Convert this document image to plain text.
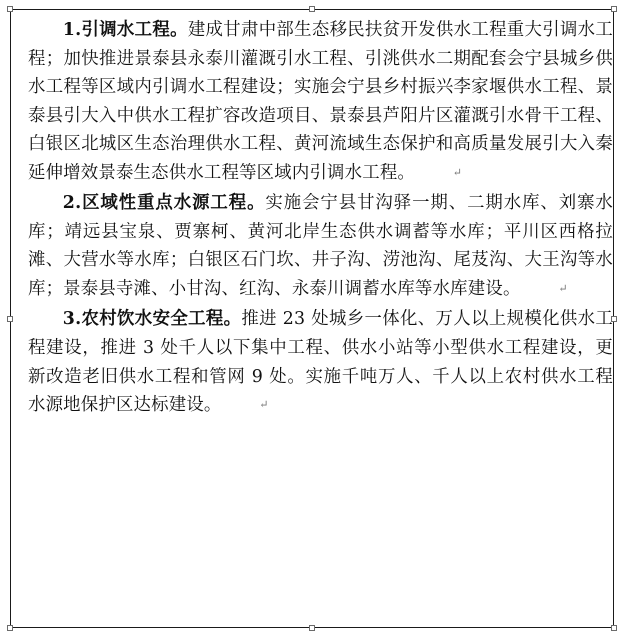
1.引调水工程。建成甘肃中部生态移民扶贫开发供水工程重大引调水工程；加快推进景泰县永泰川灌溉引水工程、引洮供水二期配套会宁县城乡供水工程等区域内引调水工程建设；实施会宁县乡村振兴李家堰供水工程、景泰县引大入中供水工程扩容改造项目、景泰县芦阳片区灌溉引水骨干工程、白银区北城区生态治理供水工程、黄河流域生态保护和高质量发展引大入秦延伸增效景泰生态供水工程等区域内引调水工程。	↵

2.区域性重点水源工程。实施会宁县甘沟驿一期、二期水库、刘寨水库；靖远县宝泉、贾寨柯、黄河北岸生态供水调蓄等水库；平川区西格拉滩、大营水等水库；白银区石门坎、井子沟、涝池沟、尾芨沟、大王沟等水库；景泰县寺滩、小甘沟、红沟、永泰川调蓄水库等水库建设。	↵

3.农村饮水安全工程。推进 23 处城乡一体化、万人以上规模化供水工程建设，推进 3 处千人以下集中工程、供水小站等小型供水工程建设，更新改造老旧供水工程和管网 9 处。实施千吨万人、千人以上农村供水工程水源地保护区达标建设。	↵
